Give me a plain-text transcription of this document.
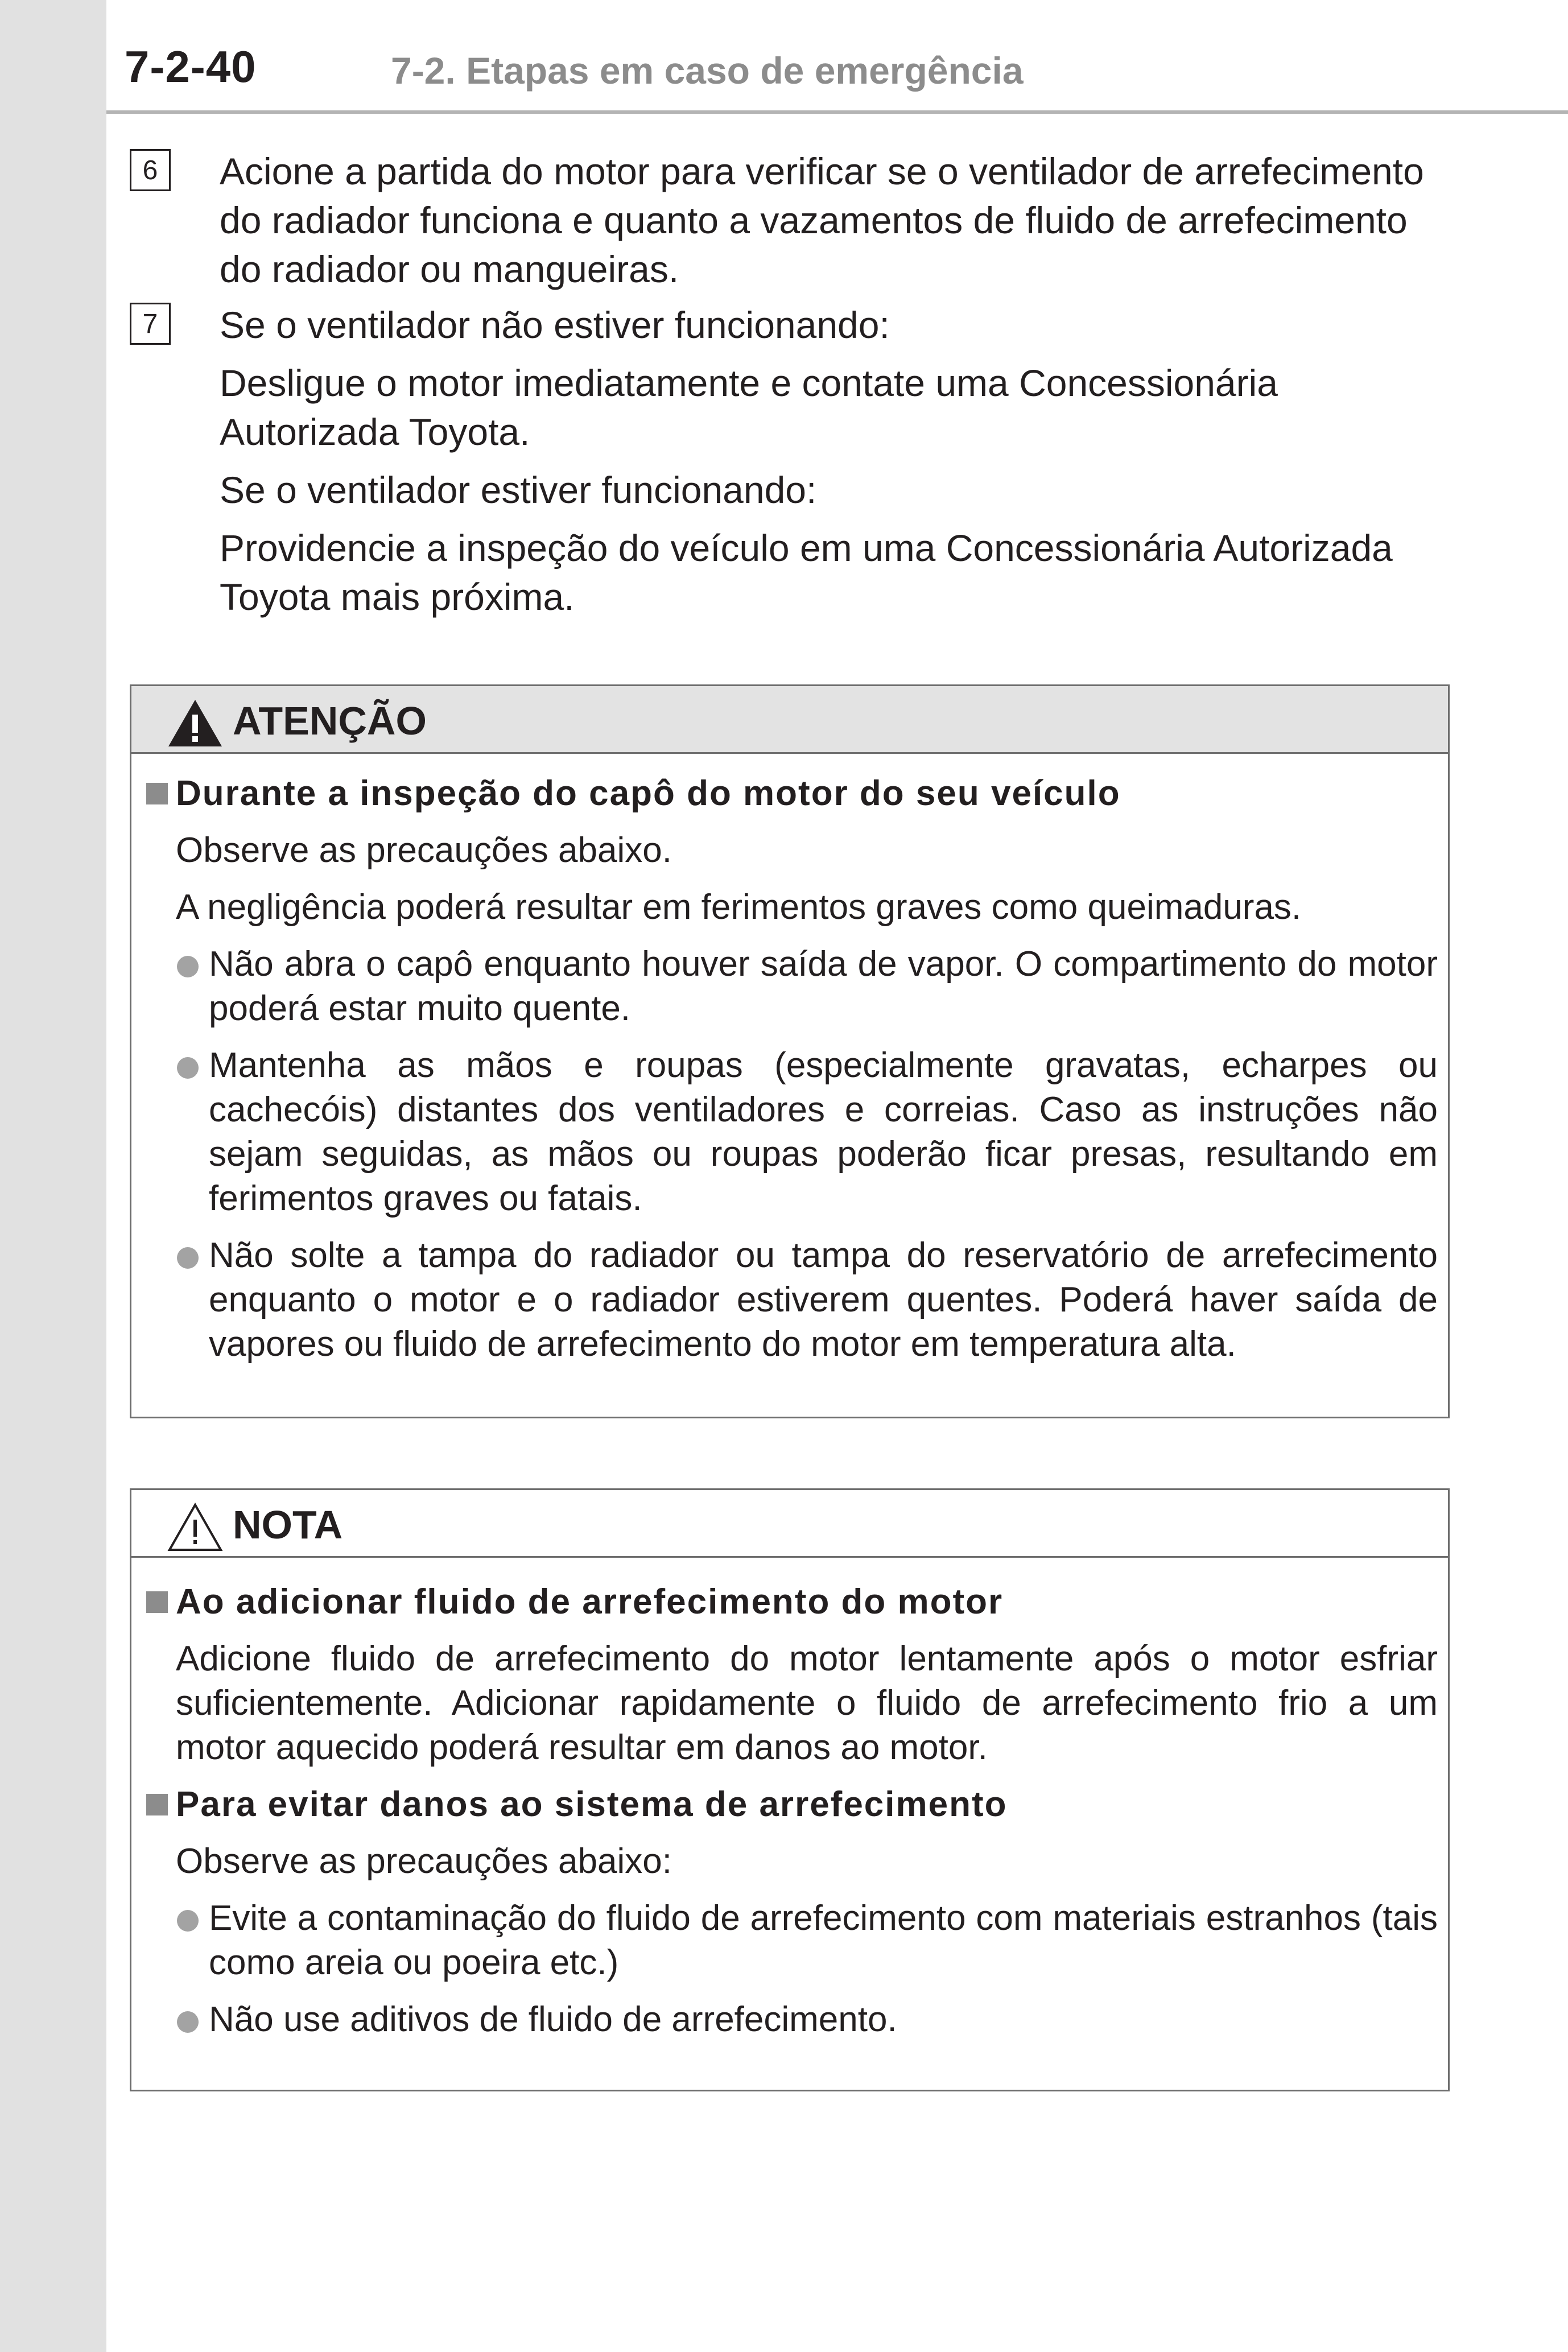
7-2-40	7-2. Etapas em caso de emergência
6	Acione a partida do motor para verificar se o ventilador de arrefecimento do radiador funciona e quanto a vazamentos de fluido de arrefecimento do radiador ou mangueiras.

7	Se o ventilador não estiver funcionando:

Desligue o motor imediatamente e contate uma Concessionária Autorizada Toyota.

Se o ventilador estiver funcionando:

Providencie a inspeção do veículo em uma Concessionária Autorizada Toyota mais próxima.

ATENÇÃO
Durante a inspeção do capô do motor do seu veículo
Observe as precauções abaixo.
A negligência poderá resultar em ferimentos graves como queimaduras.
Não abra o capô enquanto houver saída de vapor. O compartimento do motor poderá estar muito quente.
Mantenha as mãos e roupas (especialmente gravatas, echarpes ou cachecóis) distantes dos ventiladores e correias. Caso as instruções não sejam seguidas, as mãos ou roupas poderão ficar presas, resultando em ferimentos graves ou fatais.
Não solte a tampa do radiador ou tampa do reservatório de arrefecimento enquanto o motor e o radiador estiverem quentes. Poderá haver saída de vapores ou fluido de arrefecimento do motor em temperatura alta.
NOTA
Ao adicionar fluido de arrefecimento do motor
Adicione fluido de arrefecimento do motor lentamente após o motor esfriar suficientemente. Adicionar rapidamente o fluido de arrefecimento frio a um motor aquecido poderá resultar em danos ao motor.
Para evitar danos ao sistema de arrefecimento
Observe as precauções abaixo:
Evite a contaminação do fluido de arrefecimento com materiais estranhos (tais como areia ou poeira etc.)
Não use aditivos de fluido de arrefecimento.
